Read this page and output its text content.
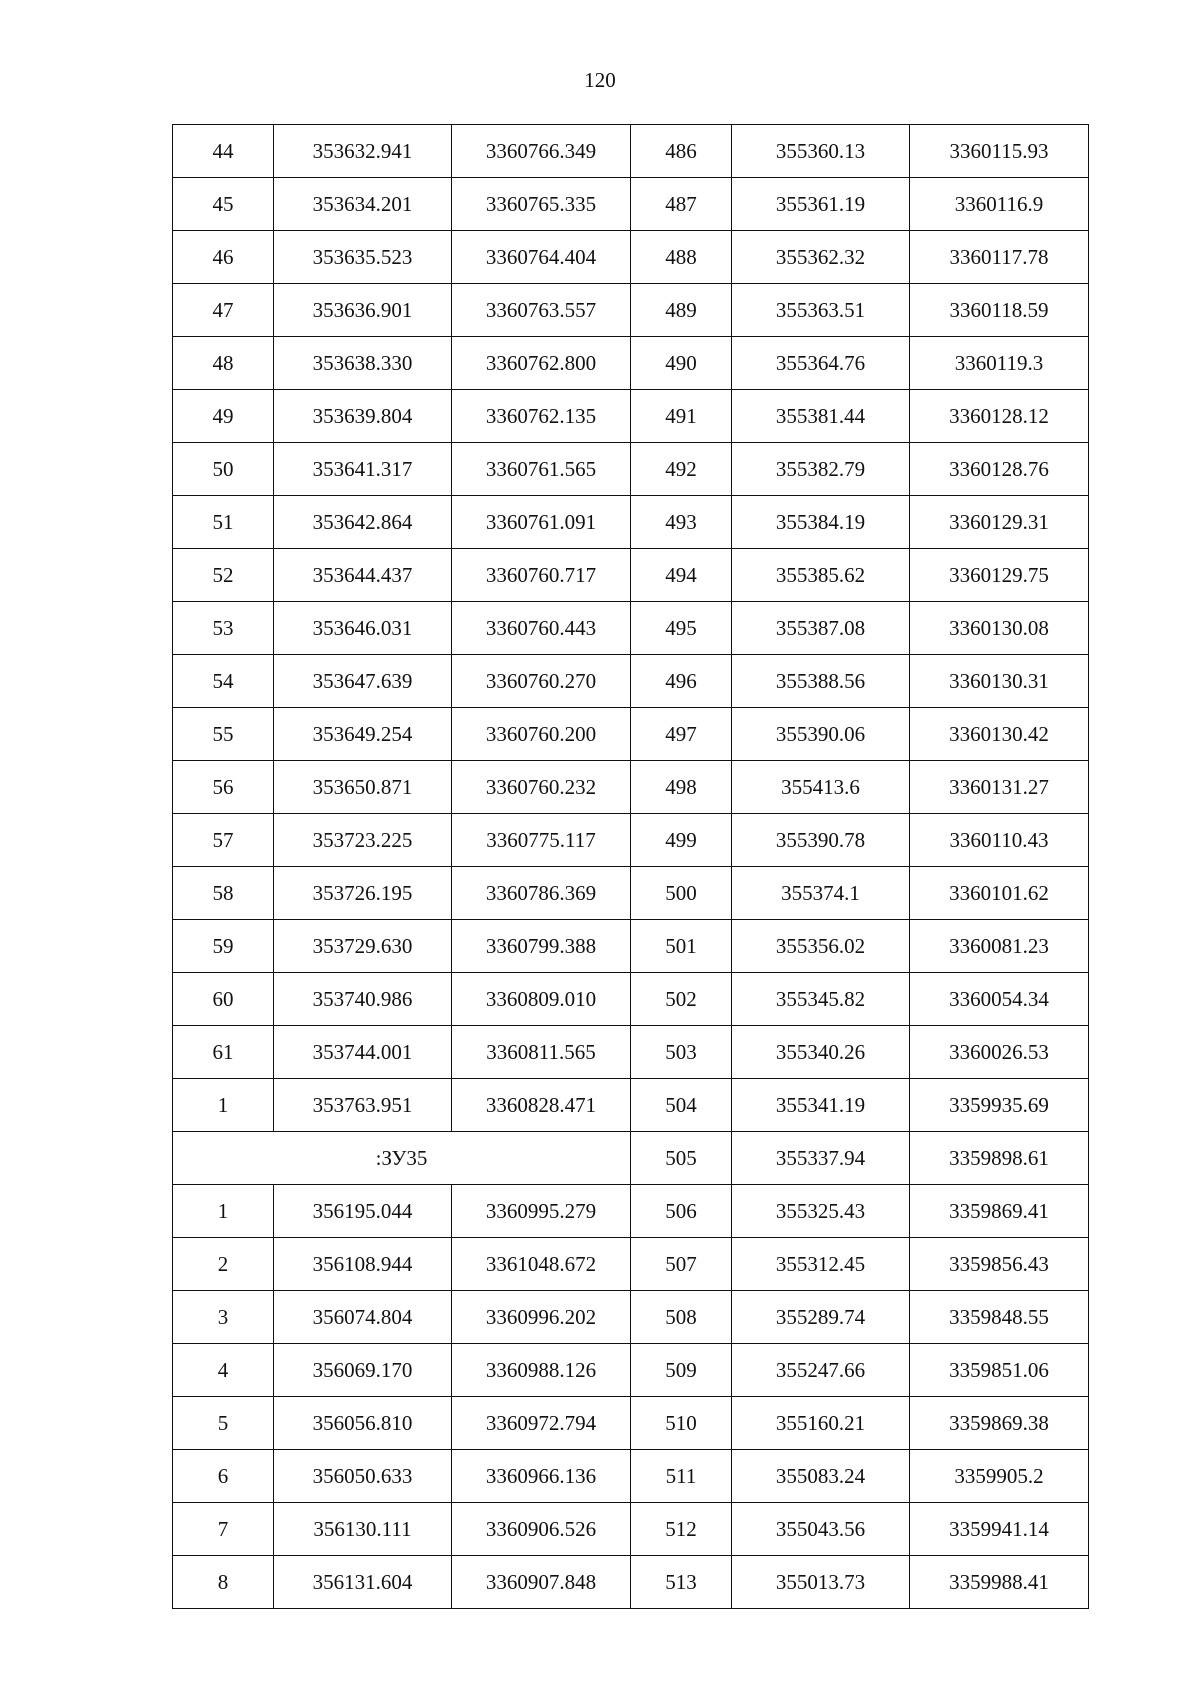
120
44	353632.941	3360766.349	486	355360.13	3360115.93
45	353634.201	3360765.335	487	355361.19	3360116.9
46	353635.523	3360764.404	488	355362.32	3360117.78
47	353636.901	3360763.557	489	355363.51	3360118.59
48	353638.330	3360762.800	490	355364.76	3360119.3
49	353639.804	3360762.135	491	355381.44	3360128.12
50	353641.317	3360761.565	492	355382.79	3360128.76
51	353642.864	3360761.091	493	355384.19	3360129.31
52	353644.437	3360760.717	494	355385.62	3360129.75
53	353646.031	3360760.443	495	355387.08	3360130.08
54	353647.639	3360760.270	496	355388.56	3360130.31
55	353649.254	3360760.200	497	355390.06	3360130.42
56	353650.871	3360760.232	498	355413.6	3360131.27
57	353723.225	3360775.117	499	355390.78	3360110.43
58	353726.195	3360786.369	500	355374.1	3360101.62
59	353729.630	3360799.388	501	355356.02	3360081.23
60	353740.986	3360809.010	502	355345.82	3360054.34
61	353744.001	3360811.565	503	355340.26	3360026.53
1	353763.951	3360828.471	504	355341.19	3359935.69
:ЗУ35			505	355337.94	3359898.61
1	356195.044	3360995.279	506	355325.43	3359869.41
2	356108.944	3361048.672	507	355312.45	3359856.43
3	356074.804	3360996.202	508	355289.74	3359848.55
4	356069.170	3360988.126	509	355247.66	3359851.06
5	356056.810	3360972.794	510	355160.21	3359869.38
6	356050.633	3360966.136	511	355083.24	3359905.2
7	356130.111	3360906.526	512	355043.56	3359941.14
8	356131.604	3360907.848	513	355013.73	3359988.41
